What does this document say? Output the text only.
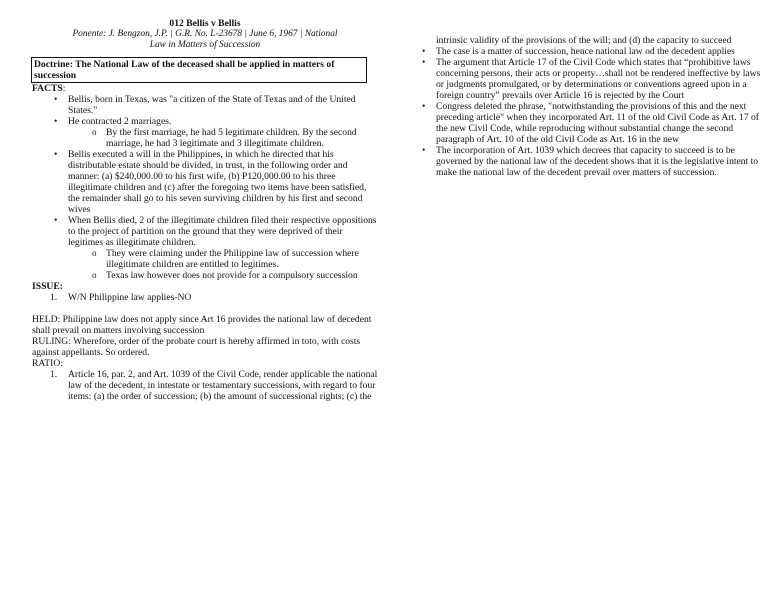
012 Bellis v Bellis
Ponente: J. Bengzon, J.P. | G.R. No. L-23678 | June 6, 1967 | National
Law in Matters of Succession
Doctrine: The National Law of the deceased shall be applied in matters of succession
FACTS:
• Bellis, born in Texas, was "a citizen of the State of Texas and of the United States."
• He contracted 2 marriages.
o By the first marriage, he had 5 legitimate children. By the second marriage, he had 3 legitimate and 3 illegitimate children.
• Bellis executed a will in the Philippines, in which he directed that his distributable estate should be divided, in trust, in the following order and manner: (a) $240,000.00 to his first wife, (b) P120,000.00 to his three illegitimate children and (c) after the foregoing two items have been satisfied, the remainder shall go to his seven surviving children by his first and second wives
• When Bellis died, 2 of the illegitimate children filed their respective oppositions to the project of partition on the ground that they were deprived of their legitimes as illegitimate children.
o They were claiming under the Philippine law of succession where illegitimate children are entitled to legitimes.
o Texas law however does not provide for a compulsory succession
ISSUE:
1. W/N Philippine law applies-NO
HELD: Philippine law does not apply since Art 16 provides the national law of decedent shall prevail on matters involving succession
RULING: Wherefore, order of the probate court is hereby affirmed in toto, with costs against appellants. So ordered.
RATIO:
1. Article 16, par. 2, and Art. 1039 of the Civil Code, render applicable the national law of the decedent, in intestate or testamentary successions, with regard to four items: (a) the order of succession; (b) the amount of successional rights; (c) the
intrinsic validity of the provisions of the will; and (d) the capacity to succeed
• The case is a matter of succession, hence national law od the decedent applies
• The argument that Article 17 of the Civil Code which states that “prohibitive laws concerning persons, their acts or property…shall not be rendered ineffective by laws or judgments promulgated, or by determinations or conventions agreed upon in a foreign country” prevails over Article 16 is rejected by the Court
• Congress deleted the phrase, "notwithstanding the provisions of this and the next preceding article" when they incorporated Art. 11 of the old Civil Code as Art. 17 of the new Civil Code, while reproducing without substantial change the second paragraph of Art. 10 of the old Civil Code as Art. 16 in the new
• The incorporation of Art. 1039 which decrees that capacity to succeed is to be governed by the national law of the decedent shows that it is the legislative intent to make the national law of the decedent prevail over matters of succession.
